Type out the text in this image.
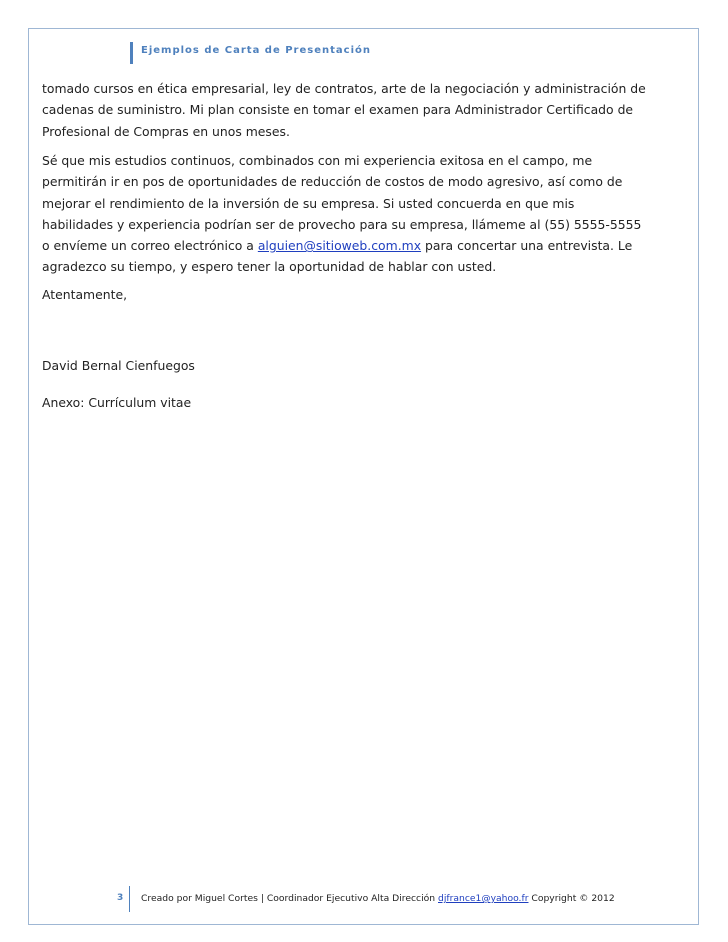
Ejemplos de Carta de Presentación
tomado cursos en ética empresarial, ley de contratos, arte de la negociación y administración de
cadenas de suministro. Mi plan consiste en tomar el examen para Administrador Certificado de
Profesional de Compras en unos meses.
Sé que mis estudios continuos, combinados con mi experiencia exitosa en el campo, me
permitirán ir en pos de oportunidades de reducción de costos de modo agresivo, así como de
mejorar el rendimiento de la inversión de su empresa. Si usted concuerda en que mis
habilidades y experiencia podrían ser de provecho para su empresa, llámeme al (55) 5555-5555
o envíeme un correo electrónico a alguien@sitioweb.com.mx para concertar una entrevista. Le
agradezco su tiempo, y espero tener la oportunidad de hablar con usted.
Atentamente,
David Bernal Cienfuegos
Anexo: Currículum vitae
3 Creado por Miguel Cortes | Coordinador Ejecutivo Alta Dirección djfrance1@yahoo.fr Copyright © 2012
